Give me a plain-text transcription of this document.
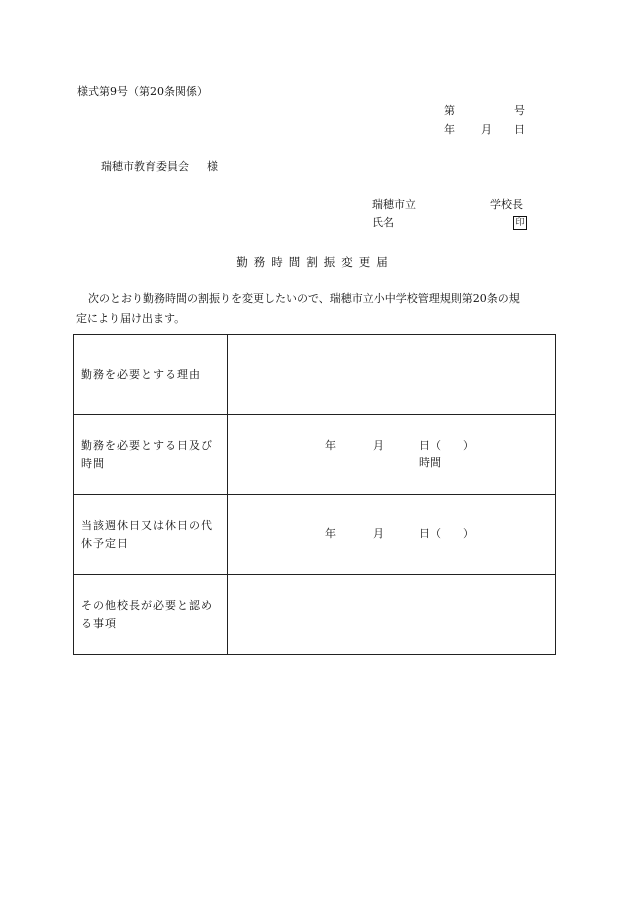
様式第9号（第20条関係）
第	号
年 月 日
瑞穂市教育委員会 様
瑞穂市立	学校長
氏名	印
勤務時間割振変更届
次のとおり勤務時間の割振りを変更したいので、瑞穂市立小中学校管理規則第20条の規
定により届け出ます。
勤務を必要とする理由	
勤務を必要とする日及び時間	年 月 日（　　）
時間

当該週休日又は休日の代休予定日	年 月 日（　　）

その他校長が必要と認める事項	
